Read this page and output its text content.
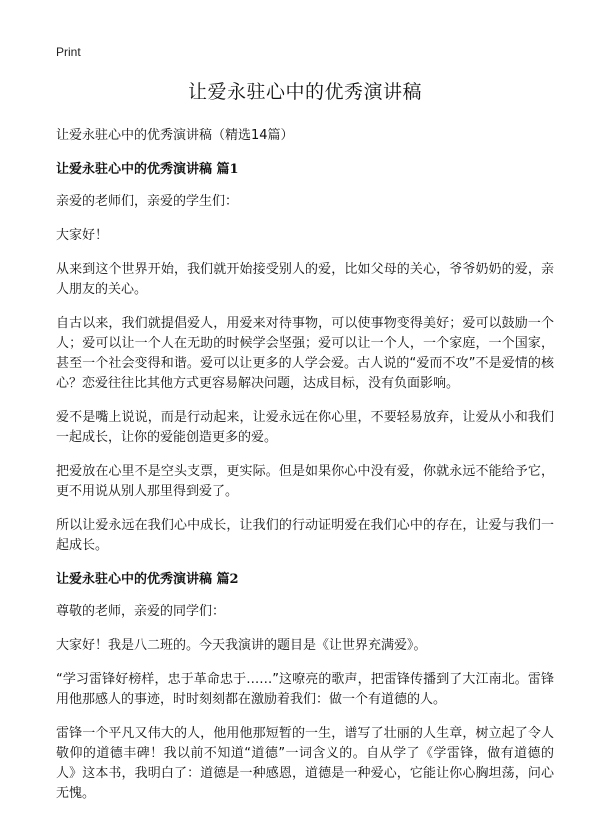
Print
让爱永驻心中的优秀演讲稿

让爱永驻心中的优秀演讲稿（精选14篇）

让爱永驻心中的优秀演讲稿 篇1

亲爱的老师们，亲爱的学生们：

大家好！

从来到这个世界开始，我们就开始接受别人的爱，比如父母的关心，爷爷奶奶的爱，亲人朋友的关心。

自古以来，我们就提倡爱人，用爱来对待事物，可以使事物变得美好；爱可以鼓励一个人；爱可以让一个人在无助的时候学会坚强；爱可以让一个人，一个家庭，一个国家，甚至一个社会变得和谐。爱可以让更多的人学会爱。古人说的“爱而不攻”不是爱情的核心？恋爱往往比其他方式更容易解决问题，达成目标，没有负面影响。

爱不是嘴上说说，而是行动起来，让爱永远在你心里，不要轻易放弃，让爱从小和我们一起成长，让你的爱能创造更多的爱。

把爱放在心里不是空头支票，更实际。但是如果你心中没有爱，你就永远不能给予它，更不用说从别人那里得到爱了。

所以让爱永远在我们心中成长，让我们的行动证明爱在我们心中的存在，让爱与我们一起成长。

让爱永驻心中的优秀演讲稿 篇2

尊敬的老师，亲爱的同学们：

大家好！我是八二班的。今天我演讲的题目是《让世界充满爱》。

“学习雷锋好榜样，忠于革命忠于……”这嘹亮的歌声，把雷锋传播到了大江南北。雷锋用他那感人的事迹，时时刻刻都在激励着我们：做一个有道德的人。

雷锋一个平凡又伟大的人，他用他那短暂的一生，谱写了壮丽的人生章，树立起了令人敬仰的道德丰碑！我以前不知道“道德”一词含义的。自从学了《学雷锋，做有道德的人》这本书，我明白了：道德是一种感恩，道德是一种爱心，它能让你心胸坦荡，问心无愧。
